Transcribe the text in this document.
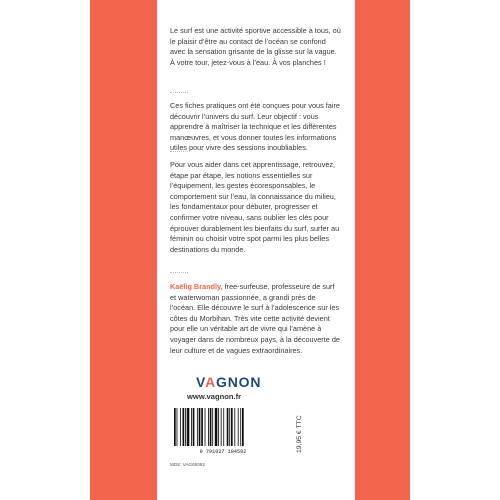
Le surf est une activité sportive accessible à tous, où le plaisir d’être au contact de l’océan se confond avec la sensation grisante de la glisse sur la vague. À votre tour, jetez-vous à l’eau. À vos planches !

Ces fiches pratiques ont été conçues pour vous faire découvrir l’univers du surf. Leur objectif : vous apprendre à maîtriser la technique et les différentes manœuvres, et vous donner toutes les informations utiles pour vivre des sessions inoubliables.

Pour vous aider dans cet apprentissage, retrouvez, étape par étape, les notions essentielles sur l’équipement, les gestes écoresponsables, le comportement sur l’eau, la connaissance du milieu, les fondamentaux pour débuter, progresser et confirmer votre niveau, sans oublier les clés pour éprouver durablement les bienfaits du surf, surfer au féminin ou choisir votre spot parmi les plus belles destinations du monde.

Kaëlig Brandly, free-surfeuse, professeure de surf et waterwoman passionnée, a grandi près de l’océan. Elle découvre le surf à l’adolescence sur les côtes du Morbihan. Très vite cette activité devient pour elle un véritable art de vivre qui l’amène à voyager dans de nombreux pays, à la découverte de leur culture et de vagues extraordinaires.

VAGNON
www.vagnon.fr
9 791027 104592	19,95 € TTC
MDS: VAG65092
